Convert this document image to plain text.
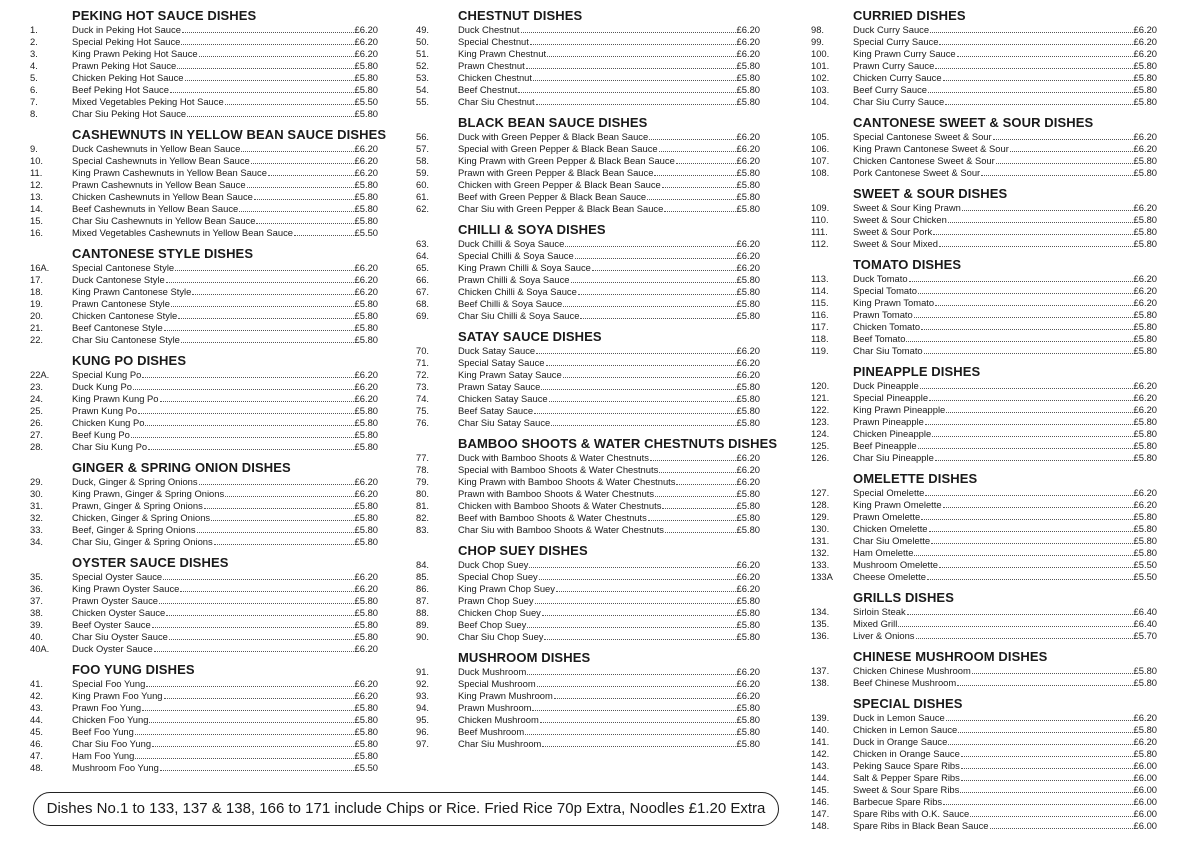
PEKING HOT SAUCE DISHES
1.	Duck in Peking Hot Sauce	£6.20
2.	Special Peking Hot Sauce	£6.20
3.	King Prawn Peking Hot Sauce	£6.20
4.	Prawn Peking Hot Sauce	£5.80
5.	Chicken Peking Hot Sauce	£5.80
6.	Beef Peking Hot Sauce	£5.80
7.	Mixed Vegetables Peking Hot Sauce	£5.50
8.	Char Siu Peking Hot Sauce	£5.80
CASHEWNUTS IN YELLOW BEAN SAUCE DISHES
9.	Duck Cashewnuts in Yellow Bean Sauce	£6.20
10.	Special Cashewnuts in Yellow Bean Sauce	£6.20
11.	King Prawn Cashewnuts in Yellow Bean Sauce	£6.20
12.	Prawn Cashewnuts in Yellow Bean Sauce	£5.80
13.	Chicken Cashewnuts in Yellow Bean Sauce	£5.80
14.	Beef Cashewnuts in Yellow Bean Sauce	£5.80
15.	Char Siu Cashewnuts in Yellow Bean Sauce	£5.80
16.	Mixed Vegetables Cashewnuts in Yellow Bean Sauce	£5.50
CANTONESE STYLE DISHES
16A.	Special Cantonese Style	£6.20
17.	Duck Cantonese Style	£6.20
18.	King Prawn Cantonese Style	£6.20
19.	Prawn Cantonese Style	£5.80
20.	Chicken Cantonese Style	£5.80
21.	Beef Cantonese Style	£5.80
22.	Char Siu Cantonese Style	£5.80
KUNG PO DISHES
22A.	Special Kung Po	£6.20
23.	Duck Kung Po	£6.20
24.	King Prawn Kung Po	£6.20
25.	Prawn Kung Po	£5.80
26.	Chicken Kung Po	£5.80
27.	Beef Kung Po	£5.80
28.	Char Siu Kung Po	£5.80
GINGER & SPRING ONION DISHES
29.	Duck, Ginger & Spring Onions	£6.20
30.	King Prawn, Ginger & Spring Onions	£6.20
31.	Prawn, Ginger & Spring Onions	£5.80
32.	Chicken, Ginger & Spring Onions	£5.80
33.	Beef, Ginger & Spring Onions	£5.80
34.	Char Siu, Ginger & Spring Onions	£5.80
OYSTER SAUCE DISHES
35.	Special Oyster Sauce	£6.20
36.	King Prawn Oyster Sauce	£6.20
37.	Prawn Oyster Sauce	£5.80
38.	Chicken Oyster Sauce	£5.80
39.	Beef Oyster Sauce	£5.80
40.	Char Siu Oyster Sauce	£5.80
40A.	Duck Oyster Sauce	£6.20
FOO YUNG DISHES
41.	Special Foo Yung	£6.20
42.	King Prawn Foo Yung	£6.20
43.	Prawn Foo Yung	£5.80
44.	Chicken Foo Yung	£5.80
45.	Beef Foo Yung	£5.80
46.	Char Siu Foo Yung	£5.80
47.	Ham Foo Yung	£5.80
48.	Mushroom Foo Yung	£5.50
CHESTNUT DISHES
49.	Duck Chestnut	£6.20
50.	Special Chestnut	£6.20
51.	King Prawn Chestnut	£6.20
52.	Prawn Chestnut	£5.80
53.	Chicken Chestnut	£5.80
54.	Beef Chestnut	£5.80
55.	Char Siu Chestnut	£5.80
BLACK BEAN SAUCE DISHES
56.	Duck with Green Pepper & Black Bean Sauce	£6.20
57.	Special with Green Pepper & Black Bean Sauce	£6.20
58.	King Prawn with Green Pepper & Black Bean Sauce	£6.20
59.	Prawn with Green Pepper & Black Bean Sauce	£5.80
60.	Chicken with Green Pepper & Black Bean Sauce	£5.80
61.	Beef with Green Pepper & Black Bean Sauce	£5.80
62.	Char Siu with Green Pepper & Black Bean Sauce	£5.80
CHILLI & SOYA DISHES
63.	Duck Chilli & Soya Sauce	£6.20
64.	Special Chilli & Soya Sauce	£6.20
65.	King Prawn Chilli & Soya Sauce	£6.20
66.	Prawn Chilli & Soya Sauce	£5.80
67.	Chicken Chilli & Soya Sauce	£5.80
68.	Beef Chilli & Soya Sauce	£5.80
69.	Char Siu Chilli & Soya Sauce	£5.80
SATAY SAUCE DISHES
70.	Duck Satay Sauce	£6.20
71.	Special Satay Sauce	£6.20
72.	King Prawn Satay Sauce	£6.20
73.	Prawn Satay Sauce	£5.80
74.	Chicken Satay Sauce	£5.80
75.	Beef Satay Sauce	£5.80
76.	Char Siu Satay Sauce	£5.80
BAMBOO SHOOTS & WATER CHESTNUTS DISHES
77.	Duck with Bamboo Shoots & Water Chestnuts	£6.20
78.	Special with Bamboo Shoots & Water Chestnuts	£6.20
79.	King Prawn with Bamboo Shoots & Water Chestnuts	£6.20
80.	Prawn with Bamboo Shoots & Water Chestnuts	£5.80
81.	Chicken with Bamboo Shoots & Water Chestnuts	£5.80
82.	Beef with Bamboo Shoots & Water Chestnuts	£5.80
83.	Char Siu with Bamboo Shoots & Water Chestnuts	£5.80
CHOP SUEY DISHES
84.	Duck Chop Suey	£6.20
85.	Special Chop Suey	£6.20
86.	King Prawn Chop Suey	£6.20
87.	Prawn Chop Suey	£5.80
88.	Chicken Chop Suey	£5.80
89.	Beef Chop Suey	£5.80
90.	Char Siu Chop Suey	£5.80
MUSHROOM DISHES
91.	Duck Mushroom	£6.20
92.	Special Mushroom	£6.20
93.	King Prawn Mushroom	£6.20
94.	Prawn Mushroom	£5.80
95.	Chicken Mushroom	£5.80
96.	Beef Mushroom	£5.80
97.	Char Siu Mushroom	£5.80
CURRIED DISHES
98.	Duck Curry Sauce	£6.20
99.	Special Curry Sauce	£6.20
100.	King Prawn Curry Sauce	£6.20
101.	Prawn Curry Sauce	£5.80
102.	Chicken Curry Sauce	£5.80
103.	Beef Curry Sauce	£5.80
104.	Char Siu Curry Sauce	£5.80
CANTONESE SWEET & SOUR DISHES
105.	Special Cantonese Sweet & Sour	£6.20
106.	King Prawn Cantonese Sweet & Sour	£6.20
107.	Chicken Cantonese Sweet & Sour	£5.80
108.	Pork Cantonese Sweet & Sour	£5.80
SWEET & SOUR DISHES
109.	Sweet & Sour King Prawn	£6.20
110.	Sweet & Sour Chicken	£5.80
111.	Sweet & Sour Pork	£5.80
112.	Sweet & Sour Mixed	£5.80
TOMATO DISHES
113.	Duck Tomato	£6.20
114.	Special Tomato	£6.20
115.	King Prawn Tomato	£6.20
116.	Prawn Tomato	£5.80
117.	Chicken Tomato	£5.80
118.	Beef Tomato	£5.80
119.	Char Siu Tomato	£5.80
PINEAPPLE DISHES
120.	Duck Pineapple	£6.20
121.	Special Pineapple	£6.20
122.	King Prawn Pineapple	£6.20
123.	Prawn Pineapple	£5.80
124.	Chicken Pineapple	£5.80
125.	Beef Pineapple	£5.80
126.	Char Siu Pineapple	£5.80
OMELETTE DISHES
127.	Special Omelette	£6.20
128.	King Prawn Omelette	£6.20
129.	Prawn Omelette	£5.80
130.	Chicken Omelette	£5.80
131.	Char Siu Omelette	£5.80
132.	Ham Omelette	£5.80
133.	Mushroom Omelette	£5.50
133A	Cheese Omelette	£5.50
GRILLS DISHES
134.	Sirloin Steak	£6.40
135.	Mixed Grill	£6.40
136.	Liver & Onions	£5.70
CHINESE MUSHROOM DISHES
137.	Chicken Chinese Mushroom	£5.80
138.	Beef Chinese Mushroom	£5.80
SPECIAL DISHES
139.	Duck in Lemon Sauce	£6.20
140.	Chicken in Lemon Sauce	£5.80
141.	Duck in Orange Sauce	£6.20
142.	Chicken in Orange Sauce	£5.80
143.	Peking Sauce Spare Ribs	£6.00
144.	Salt & Pepper Spare Ribs	£6.00
145.	Sweet & Sour Spare Ribs	£6.00
146.	Barbecue Spare Ribs	£6.00
147.	Spare Ribs with O.K. Sauce	£6.00
148.	Spare Ribs in Black Bean Sauce	£6.00
Dishes No.1 to 133, 137 & 138, 166 to 171 include Chips or Rice. Fried Rice 70p Extra, Noodles £1.20 Extra
